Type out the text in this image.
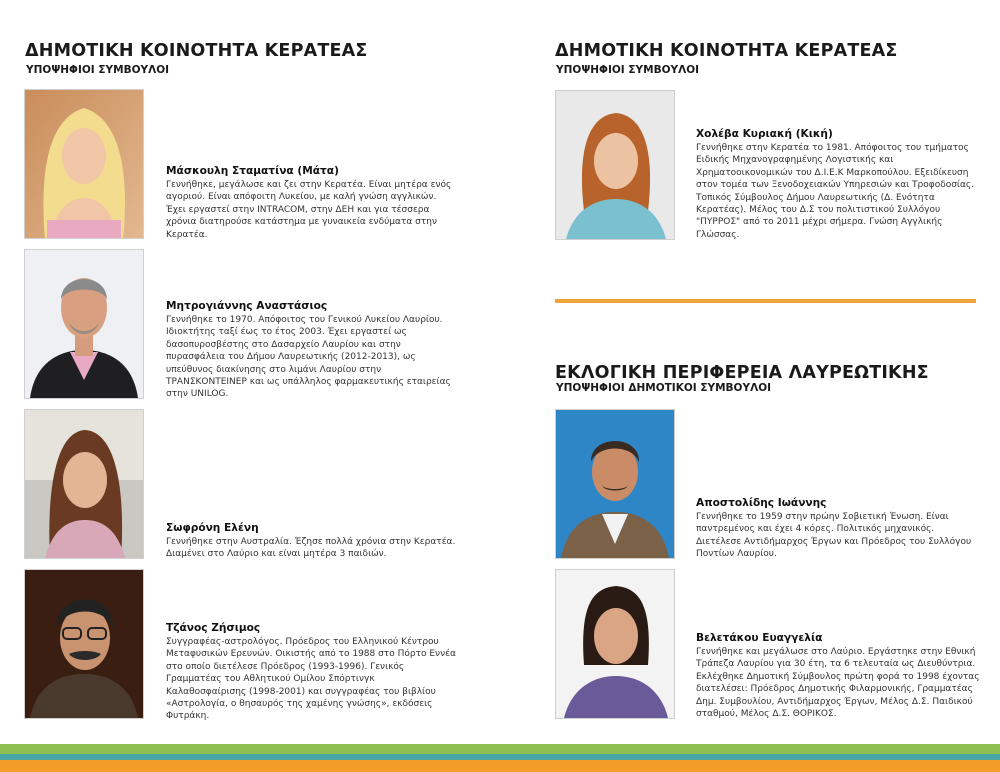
ΔΗΜΟΤΙΚΗ ΚΟΙΝΟΤΗΤΑ ΚΕΡΑΤΕΑΣ
ΥΠΟΨΗΦΙΟΙ ΣΥΜΒΟΥΛΟΙ
Μάσκουλη Σταματίνα (Μάτα)
Γεννήθηκε, μεγάλωσε και ζει στην Κερατέα. Είναι μητέρα ενός αγοριού. Είναι απόφοιτη Λυκείου, με καλή γνώση αγγλικών. Έχει εργαστεί στην INTRACOM, στην ΔΕΗ και για τέσσερα χρόνια διατηρούσε κατάστημα με γυναικεία ενδύματα στην Κερατέα.
Μητρογιάννης Αναστάσιος
Γεννήθηκε το 1970. Απόφοιτος του Γενικού Λυκείου Λαυρίου. Ιδιοκτήτης ταξί έως το έτος 2003. Έχει εργαστεί ως δασοπυροσβέστης στο Δασαρχείο Λαυρίου και στην πυρασφάλεια του Δήμου Λαυρεωτικής (2012-2013), ως υπεύθυνος διακίνησης στο λιμάνι Λαυρίου στην ΤΡΑΝΣΚΟΝΤΕΙΝΕΡ και ως υπάλληλος φαρμακευτικής εταιρείας στην UNILOG.
Σωφρόνη Ελένη
Γεννήθηκε στην Αυστραλία. Έζησε πολλά χρόνια στην Κερατέα. Διαμένει στο Λαύριο και είναι μητέρα 3 παιδιών.
Τζάνος Ζήσιμος
Συγγραφέας-αστρολόγος. Πρόεδρος του Ελληνικού Κέντρου Μεταφυσικών Ερευνών. Οικιστής από το 1988 στο Πόρτο Εννέα στο οποίο διετέλεσε Πρόεδρος (1993-1996). Γενικός Γραμματέας του Αθλητικού Ομίλου Σπόρτινγκ Καλαθοσφαίρισης (1998-2001) και συγγραφέας του βιβλίου «Αστρολογία, ο θησαυρός της χαμένης γνώσης», εκδόσεις Φυτράκη.
ΔΗΜΟΤΙΚΗ ΚΟΙΝΟΤΗΤΑ ΚΕΡΑΤΕΑΣ
ΥΠΟΨΗΦΙΟΙ ΣΥΜΒΟΥΛΟΙ
Χολέβα Κυριακή (Κική)
Γεννήθηκε στην Κερατέα το 1981. Απόφοιτος του τμήματος Ειδικής Μηχανογραφημένης Λογιστικής και Χρηματοοικονομικών του Δ.Ι.Ε.Κ Μαρκοπούλου. Εξειδίκευση στον τομέα των Ξενοδοχειακών Υπηρεσιών και Τροφοδοσίας. Τοπικός Σύμβουλος Δήμου Λαυρεωτικής (Δ. Ενότητα Κερατέας). Μέλος του Δ.Σ του πολιτιστικού Συλλόγου "ΠΥΡΡΟΣ" από το 2011 μέχρι σήμερα. Γνώση Αγγλικής Γλώσσας.
ΕΚΛΟΓΙΚΗ ΠΕΡΙΦΕΡΕΙΑ ΛΑΥΡΕΩΤΙΚΗΣ
ΥΠΟΨΗΦΙΟΙ ΔΗΜΟΤΙΚΟΙ ΣΥΜΒΟΥΛΟΙ
Αποστολίδης Ιωάννης
Γεννήθηκε το 1959 στην πρώην Σοβιετική Ένωση. Είναι παντρεμένος και έχει 4 κόρες. Πολιτικός μηχανικός. Διετέλεσε Αντιδήμαρχος Έργων και Πρόεδρος του Συλλόγου Ποντίων Λαυρίου.
Βελετάκου Ευαγγελία
Γεννήθηκε και μεγάλωσε στο Λαύριο. Εργάστηκε στην Εθνική Τράπεζα Λαυρίου για 30 έτη, τα 6 τελευταία ως Διευθύντρια. Εκλέχθηκε Δημοτική Σύμβουλος πρώτη φορά το 1998 έχοντας διατελέσει: Πρόεδρος Δημοτικής Φιλαρμονικής, Γραμματέας Δημ. Συμβουλίου, Αντιδήμαρχος Έργων, Μέλος Δ.Σ. Παιδικού σταθμού, Μέλος Δ.Σ. ΘΟΡΙΚΟΣ.
